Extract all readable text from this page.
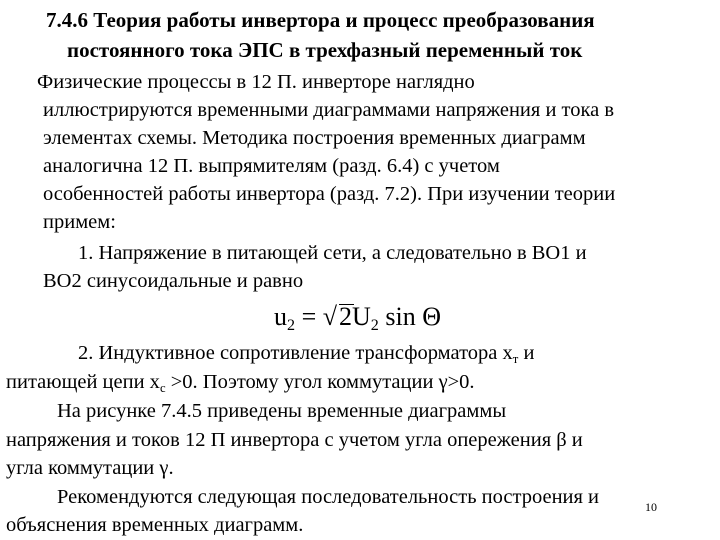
7.4.6 Теория работы инвертора и процесс преобразования
постоянного тока ЭПС в трехфазный переменный ток
Физические процессы в 12 П. инверторе наглядно
иллюстрируются временными диаграммами напряжения и тока в
элементах схемы. Методика построения временных диаграмм
аналогична 12 П. выпрямителям (разд. 6.4) с учетом
особенностей работы инвертора (разд. 7.2). При изучении теории
примем:
1. Напряжение в питающей сети, а следовательно в ВО1 и
ВО2 синусоидальные и равно
$u_2$ = √
$2U_2$ sin Θ
2. Индуктивное сопротивление трансформатора $x_т$ и
питающей цепи $x_c >0$. Поэтому угол коммутации γ>0.
На рисунке 7.4.5 приведены временные диаграммы
напряжения и токов 12 П инвертора с учетом угла опережения β и
угла коммутации γ.
Рекомендуются следующая последовательность построения и
объяснения временных диаграмм.
10
